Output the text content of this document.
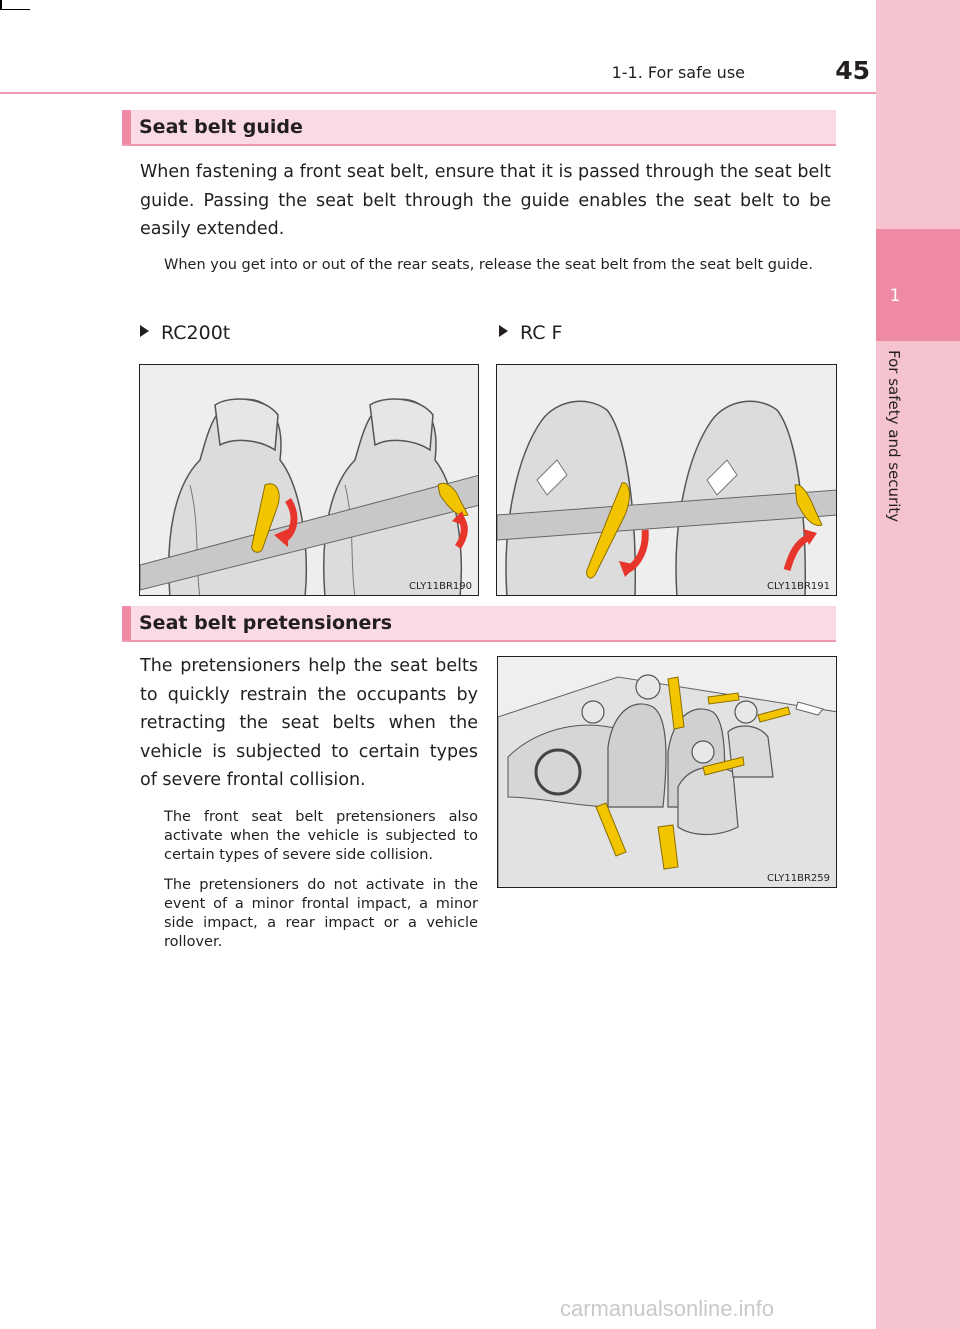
1
For safety and security
1-1. For safe use	45
Seat belt guide
When fastening a front seat belt, ensure that it is passed through the seat belt guide. Passing the seat belt through the guide enables the seat belt to be easily extended.
When you get into or out of the rear seats, release the seat belt from the seat belt guide.
RC200t	RC F
CLY11BR190	CLY11BR191
Seat belt pretensioners
The pretensioners help the seat belts to quickly restrain the occupants by retracting the seat belts when the vehicle is subjected to certain types of severe frontal collision.
The front seat belt pretensioners also activate when the vehicle is subjected to certain types of severe side collision.
The pretensioners do not activate in the event of a minor frontal impact, a minor side impact, a rear impact or a vehicle rollover.
CLY11BR259
carmanualsonline.info
